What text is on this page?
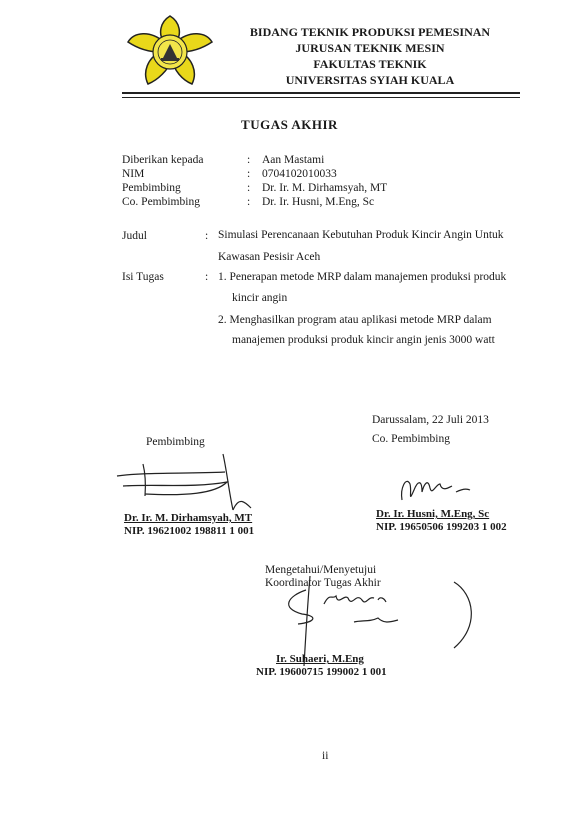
BIDANG TEKNIK PRODUKSI PEMESINAN
JURUSAN TEKNIK MESIN
FAKULTAS TEKNIK
UNIVERSITAS SYIAH KUALA
TUGAS AKHIR
Diberikan kepada	: Aan Mastami
NIM	: 0704102010033
Pembimbing	: Dr. Ir. M. Dirhamsyah, MT
Co. Pembimbing	: Dr. Ir. Husni, M.Eng, Sc
Judul	: Simulasi Perencanaan Kebutuhan Produk Kincir Angin Untuk
Kawasan Pesisir Aceh
Isi Tugas	: 1. Penerapan metode MRP dalam manajemen produksi produk
kincir angin
2. Menghasilkan program atau aplikasi metode MRP dalam
manajemen produksi produk kincir angin jenis 3000 watt
Darussalam, 22 Juli 2013
Pembimbing
Dr. Ir. M. Dirhamsyah, MT
NIP. 19621002 198811 1 001
Co. Pembimbing
Dr. Ir. Husni, M.Eng, Sc
NIP. 19650506 199203 1 002
Mengetahui/Menyetujui
Koordinator Tugas Akhir
Ir. Suhaeri, M.Eng
NIP. 19600715 199002 1 001
ii
